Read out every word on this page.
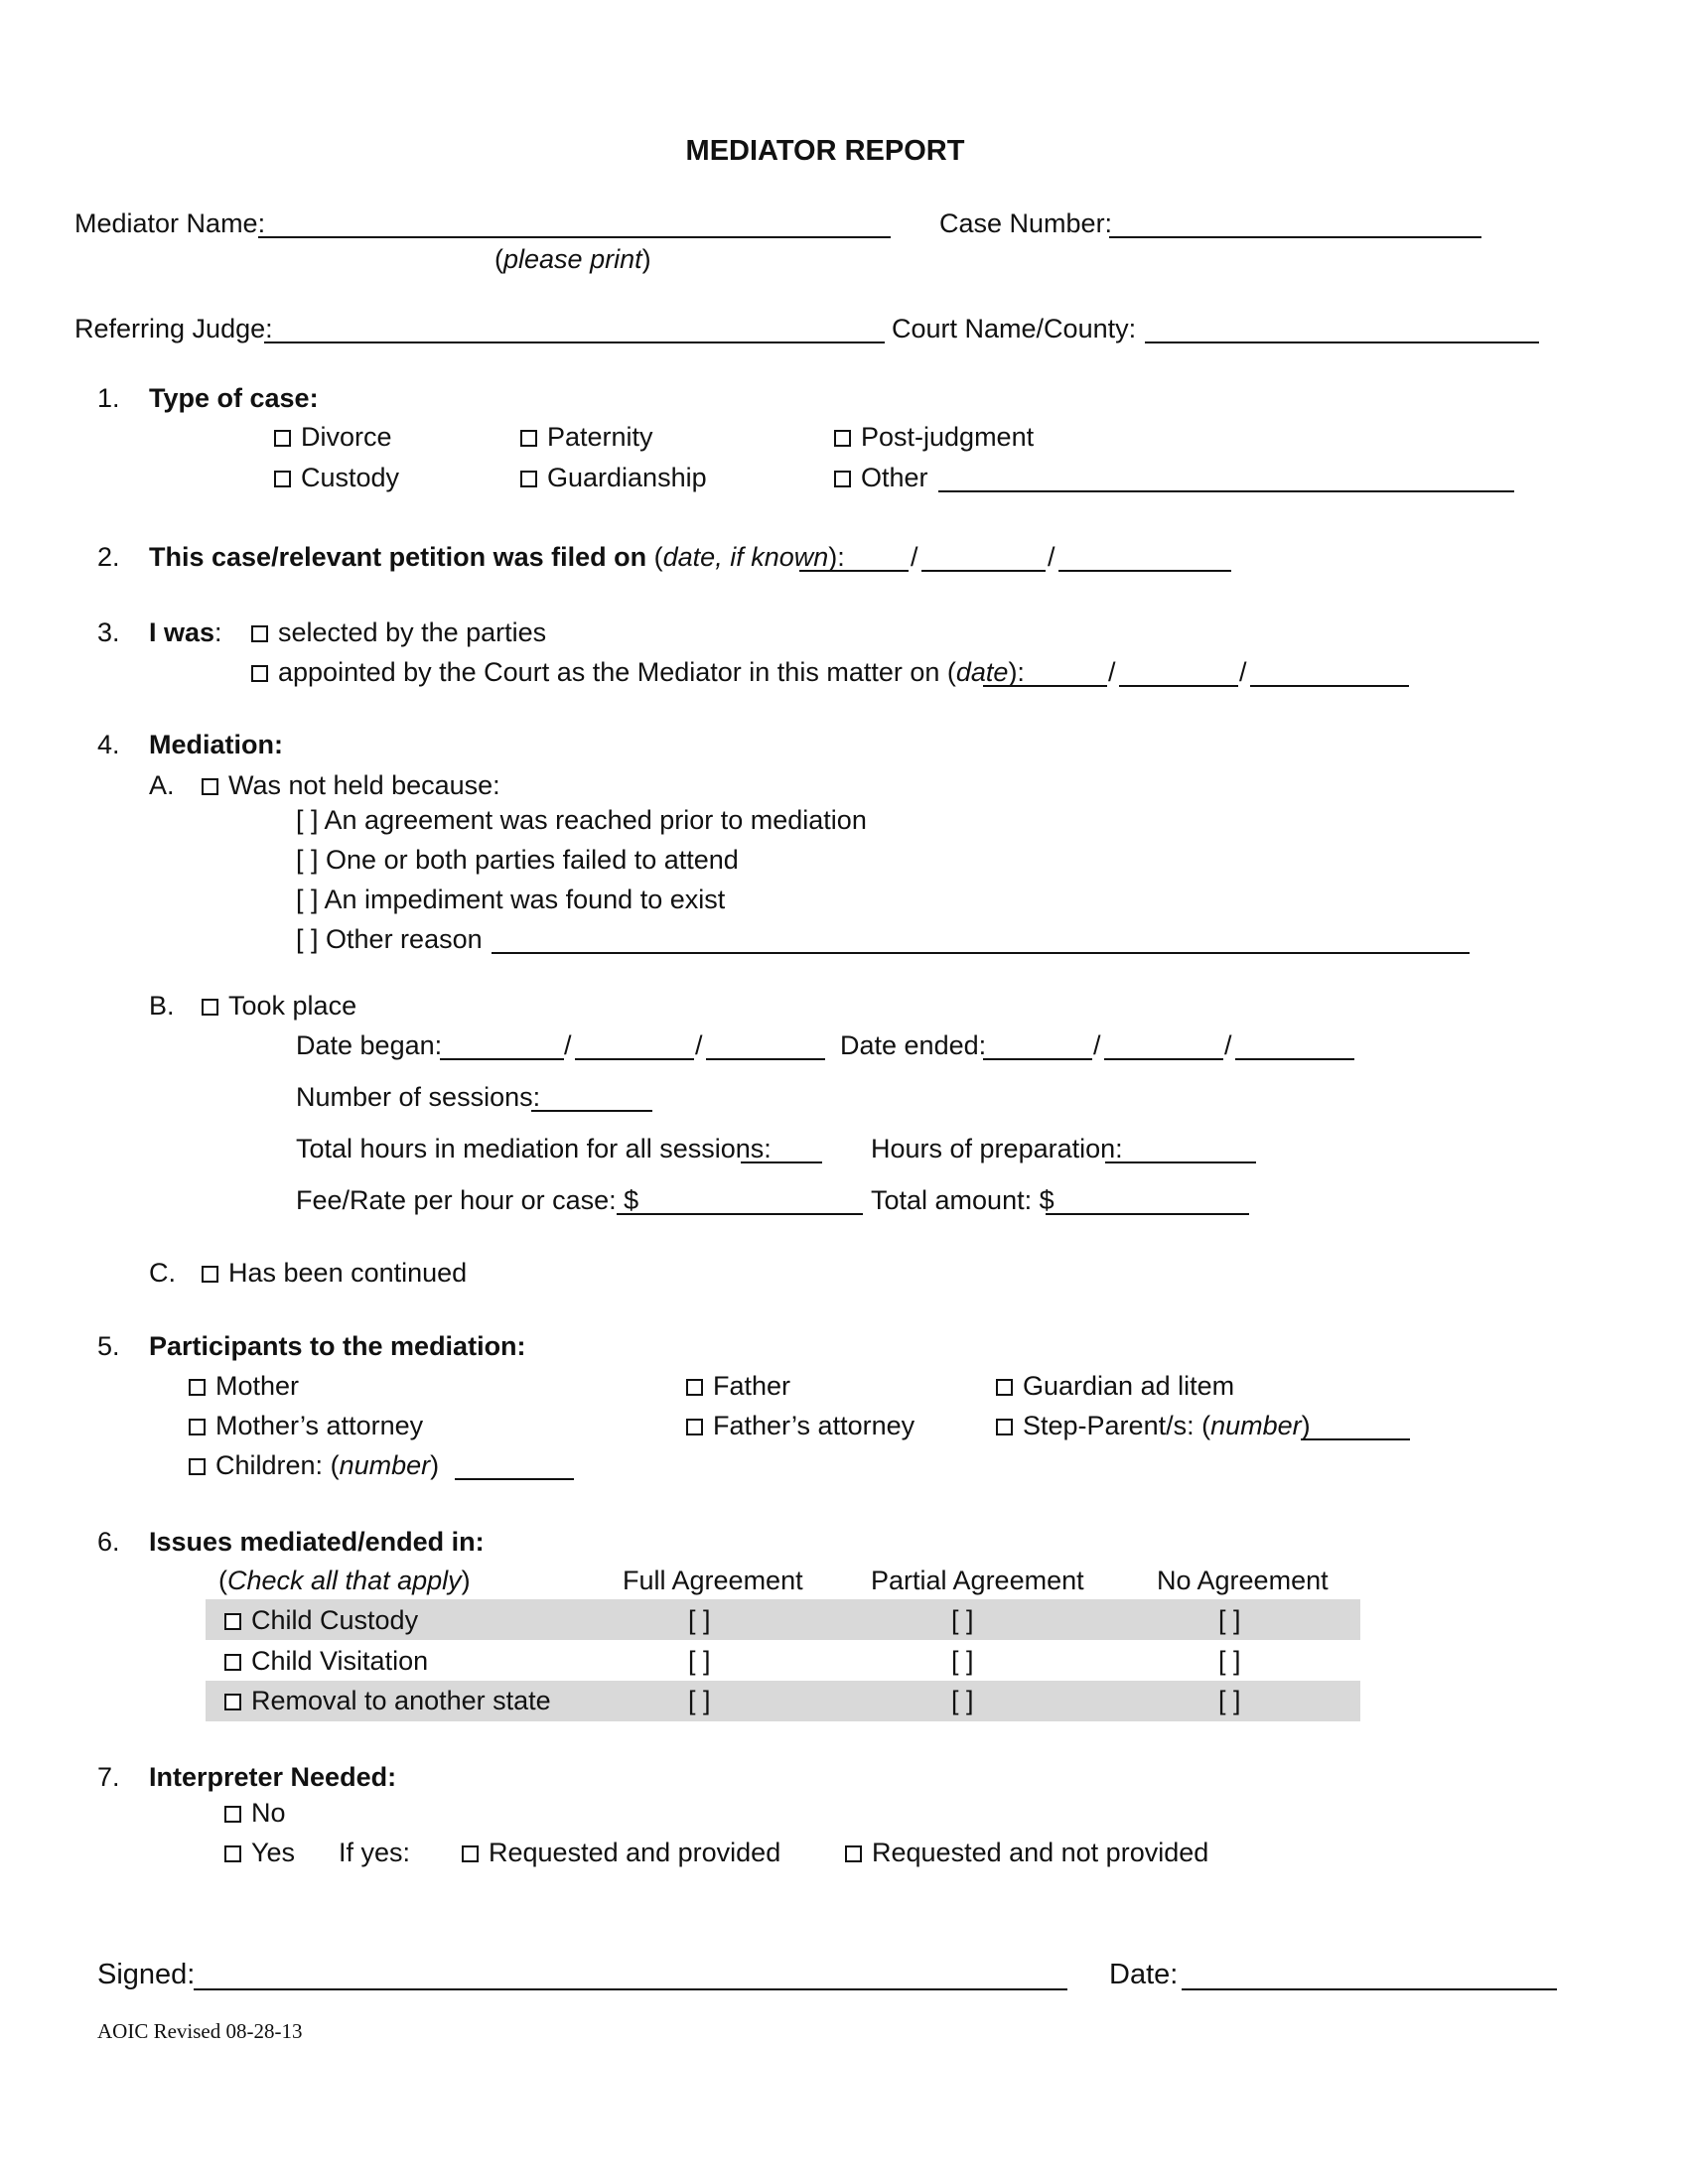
MEDIATOR REPORT
Mediator Name:
(please print)
Case Number:
Referring Judge:	Court Name/County:
1. Type of case:
Divorce	Paternity	Post-judgment
Custody	Guardianship	Other
2. This case/relevant petition was filed on (date, if known): /	/
3. I was:	selected by the parties
appointed by the Court as the Mediator in this matter on (date):	/	/
4. Mediation:
A.	Was not held because:
[ ] An agreement was reached prior to mediation
[ ] One or both parties failed to attend
[ ] An impediment was found to exist
[ ] Other reason
B.	Took place
Date began:	/	/	Date ended:	/	/
Number of sessions:
Total hours in mediation for all sessions:	Hours of preparation:
Fee/Rate per hour or case: $	Total amount: $
C.	Has been continued
5. Participants to the mediation:
Mother	Father	Guardian ad litem
Mother’s attorney	Father’s attorney	Step-Parent/s: (number)
Children: (number)
6. Issues mediated/ended in:
(Check all that apply)	Full Agreement	Partial Agreement	No Agreement
Child Custody	[ ]	[ ]	[ ]
Child Visitation	[ ]	[ ]	[ ]
Removal to another state	[ ]	[ ]	[ ]
7. Interpreter Needed:
No
Yes If yes:	Requested and provided	Requested and not provided
Signed:	Date:
AOIC Revised 08-28-13
